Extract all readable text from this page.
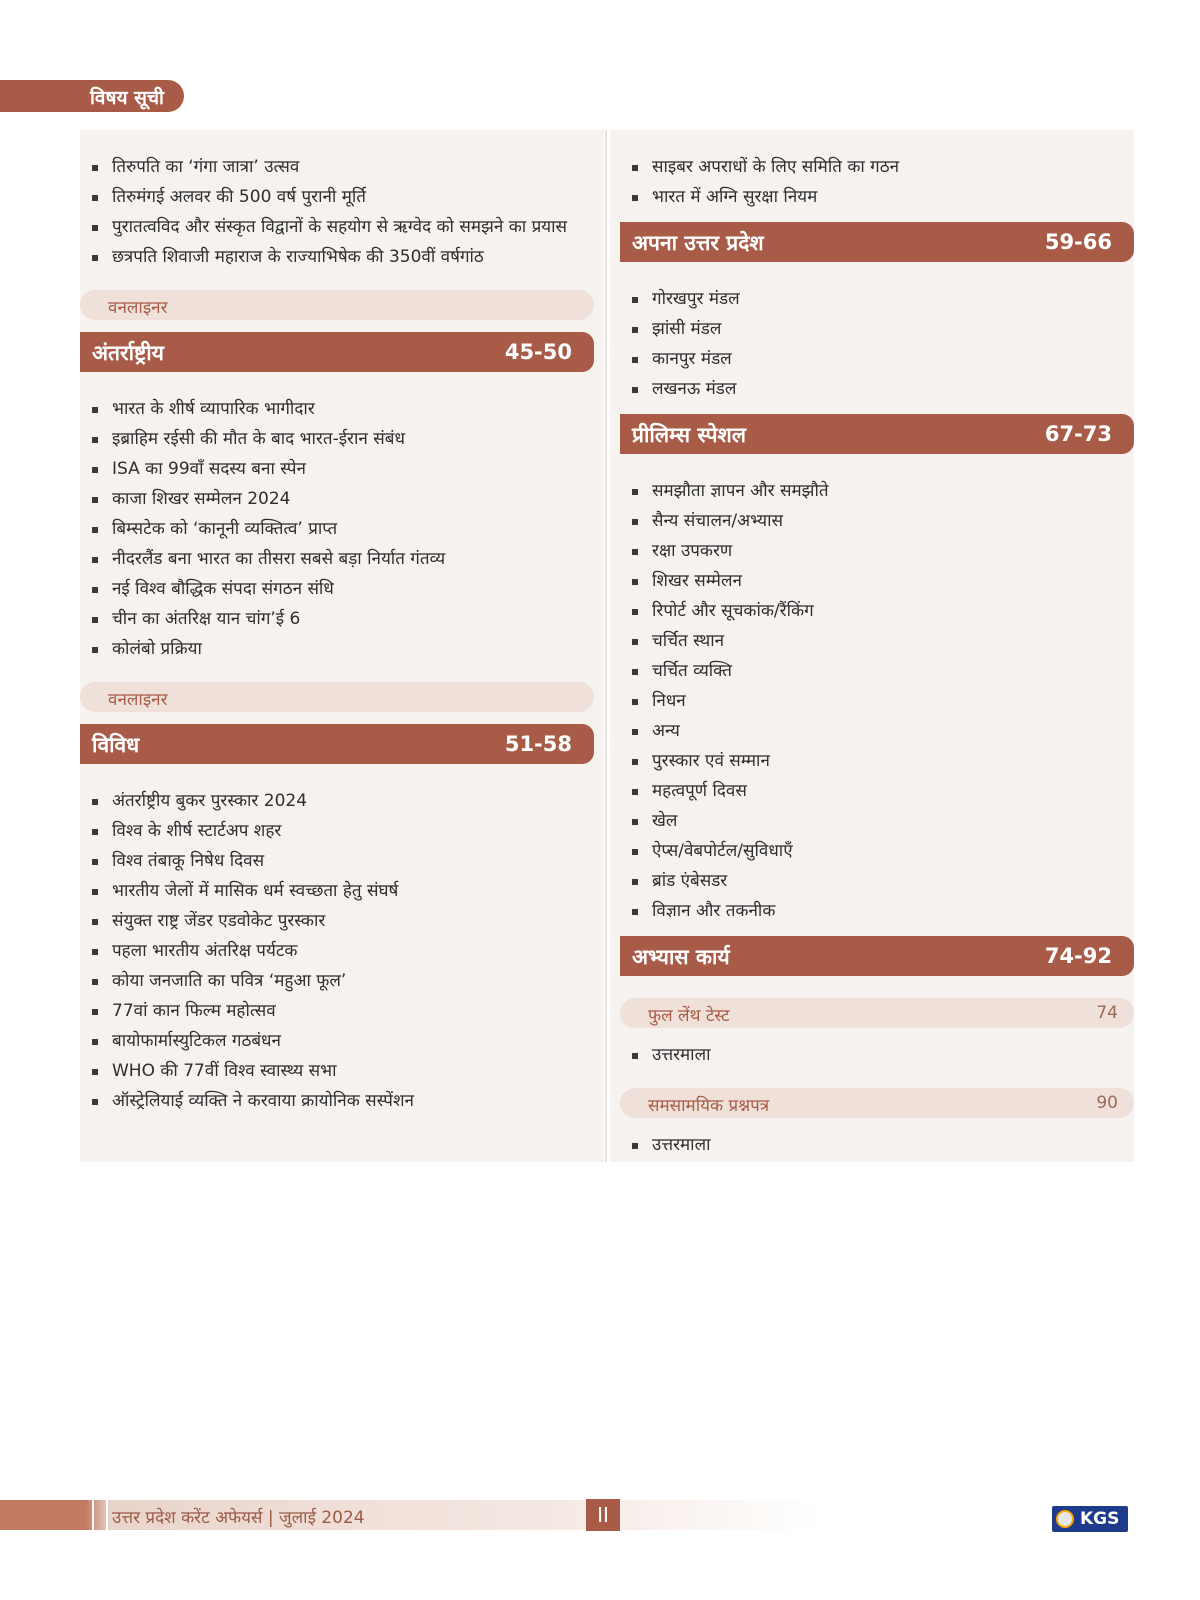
विषय सूची
तिरुपति का ‘गंगा जात्रा’ उत्सव
तिरुमंगई अलवर की 500 वर्ष पुरानी मूर्ति
पुरातत्वविद और संस्कृत विद्वानों के सहयोग से ऋग्वेद को समझने का प्रयास
छत्रपति शिवाजी महाराज के राज्याभिषेक की 350वीं वर्षगांठ
वनलाइनर
अंतर्राष्ट्रीय	45-50
भारत के शीर्ष व्यापारिक भागीदार
इब्राहिम रईसी की मौत के बाद भारत-ईरान संबंध
ISA का 99वाँ सदस्य बना स्पेन
काजा शिखर सम्मेलन 2024
बिम्सटेक को ‘कानूनी व्यक्तित्व’ प्राप्त
नीदरलैंड बना भारत का तीसरा सबसे बड़ा निर्यात गंतव्य
नई विश्व बौद्धिक संपदा संगठन संधि
चीन का अंतरिक्ष यान चांग’ई 6
कोलंबो प्रक्रिया
वनलाइनर
विविध	51-58
अंतर्राष्ट्रीय बुकर पुरस्कार 2024
विश्व के शीर्ष स्टार्टअप शहर
विश्व तंबाकू निषेध दिवस
भारतीय जेलों में मासिक धर्म स्वच्छता हेतु संघर्ष
संयुक्त राष्ट्र जेंडर एडवोकेट पुरस्कार
पहला भारतीय अंतरिक्ष पर्यटक
कोया जनजाति का पवित्र ‘महुआ फूल’
77वां कान फिल्म महोत्सव
बायोफार्मास्युटिकल गठबंधन
WHO की 77वीं विश्व स्वास्थ्य सभा
ऑस्ट्रेलियाई व्यक्ति ने करवाया क्रायोनिक सस्पेंशन
साइबर अपराधों के लिए समिति का गठन
भारत में अग्नि सुरक्षा नियम
अपना उत्तर प्रदेश	59-66
गोरखपुर मंडल
झांसी मंडल
कानपुर मंडल
लखनऊ मंडल
प्रीलिम्स स्पेशल	67-73
समझौता ज्ञापन और समझौते
सैन्य संचालन/अभ्यास
रक्षा उपकरण
शिखर सम्मेलन
रिपोर्ट और सूचकांक/रैंकिंग
चर्चित स्थान
चर्चित व्यक्ति
निधन
अन्य
पुरस्कार एवं सम्मान
महत्वपूर्ण दिवस
खेल
ऐप्स/वेबपोर्टल/सुविधाएँ
ब्रांड एंबेसडर
विज्ञान और तकनीक
अभ्यास कार्य	74-92
फुल लेंथ टेस्ट	74
उत्तरमाला
समसामयिक प्रश्नपत्र	90
उत्तरमाला
उत्तर प्रदेश करेंट अफेयर्स | जुलाई 2024	II	KGS
